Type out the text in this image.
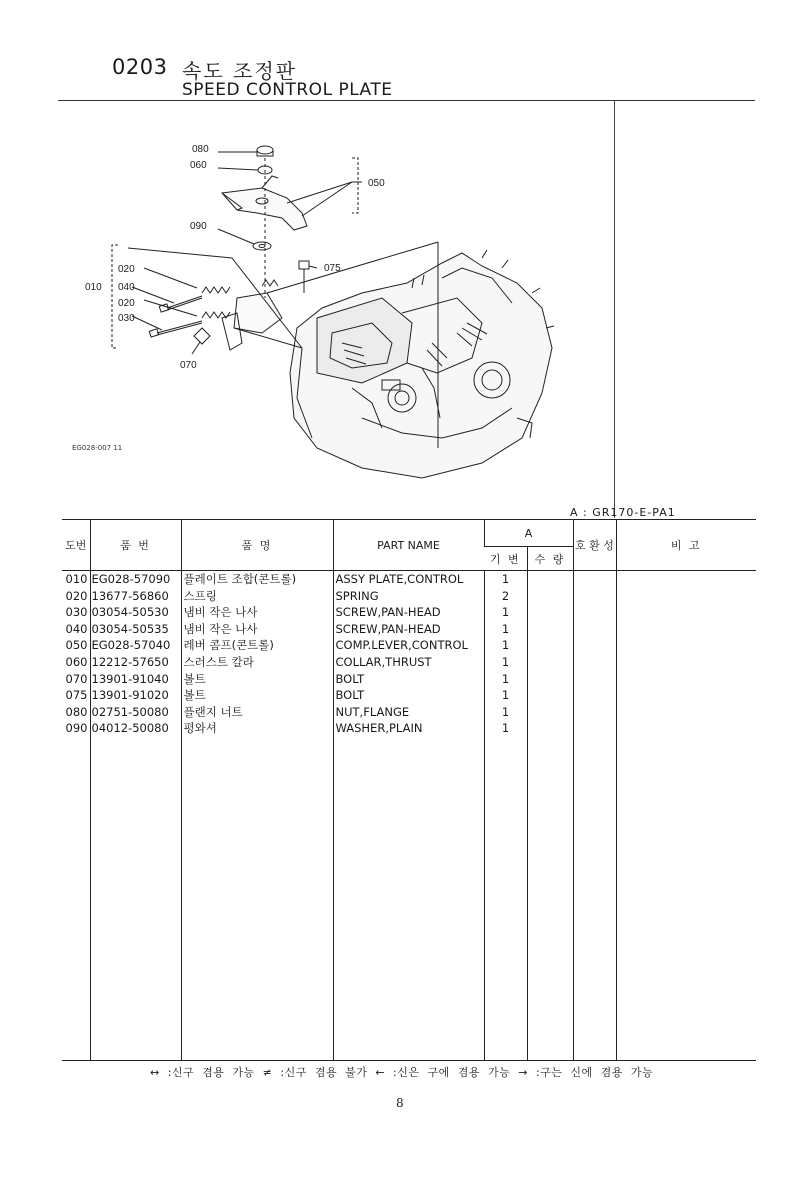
0203 속도 조정판
SPEED CONTROL PLATE
080
060
050
090
075
020
010 040
020
030
070
EG028-007 11
A : GR170-E-PA1
도번	품 번	품 명	PART NAME	A		호 환 성	비 고
				기 변	수 량		
010	EG028-57090	플레이트 조합(콘트롤)	ASSY PLATE,CONTROL	1			
020	13677-56860	스프링	SPRING	2			
030	03054-50530	냄비 작은 나사	SCREW,PAN-HEAD	1			
040	03054-50535	냄비 작은 나사	SCREW,PAN-HEAD	1			
050	EG028-57040	레버 콤프(콘트롤)	COMP.LEVER,CONTROL	1			
060	12212-57650	스러스트 칼라	COLLAR,THRUST	1			
070	13901-91040	볼트	BOLT	1			
075	13901-91020	볼트	BOLT	1			
080	02751-50080	플랜지 너트	NUT,FLANGE	1			
090	04012-50080	평와셔	WASHER,PLAIN	1			

↔ :신구 겸용 가능 ≠ :신구 겸용 불가 ← :신은 구에 겸용 가능 → :구는 신에 겸용 가능
8
